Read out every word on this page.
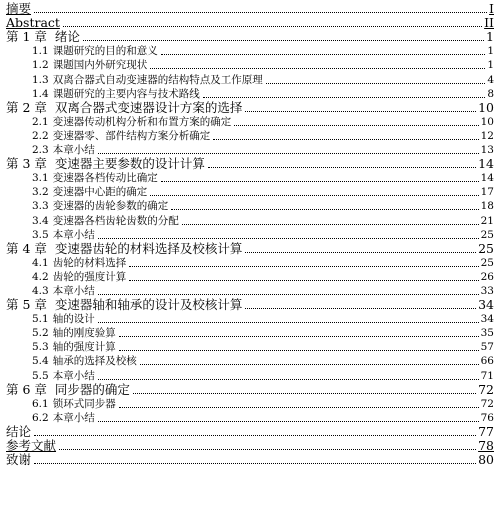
摘要	I
Abstract	II
第 1 章 绪论	1
1.1 课题研究的目的和意义	1
1.2 课题国内外研究现状	1
1.3 双离合器式自动变速器的结构特点及工作原理	4
1.4 课题研究的主要内容与技术路线	8
第 2 章 双离合器式变速器设计方案的选择	10
2.1 变速器传动机构分析和布置方案的确定	10
2.2 变速器零、部件结构方案分析确定	12
2.3 本章小结	13
第 3 章 变速器主要参数的设计计算	14
3.1 变速器各档传动比确定	14
3.2 变速器中心距的确定	17
3.3 变速器的齿轮参数的确定	18
3.4 变速器各档齿轮齿数的分配	21
3.5 本章小结	25
第 4 章 变速器齿轮的材料选择及校核计算	25
4.1 齿轮的材料选择	25
4.2 齿轮的强度计算	26
4.3 本章小结	33
第 5 章 变速器轴和轴承的设计及校核计算	34
5.1 轴的设计	34
5.2 轴的刚度验算	35
5.3 轴的强度计算	57
5.4 轴承的选择及校核	66
5.5 本章小结	71
第 6 章 同步器的确定	72
6.1 锁环式同步器	72
6.2 本章小结	76
结论	77
参考文献	78
致谢	80
